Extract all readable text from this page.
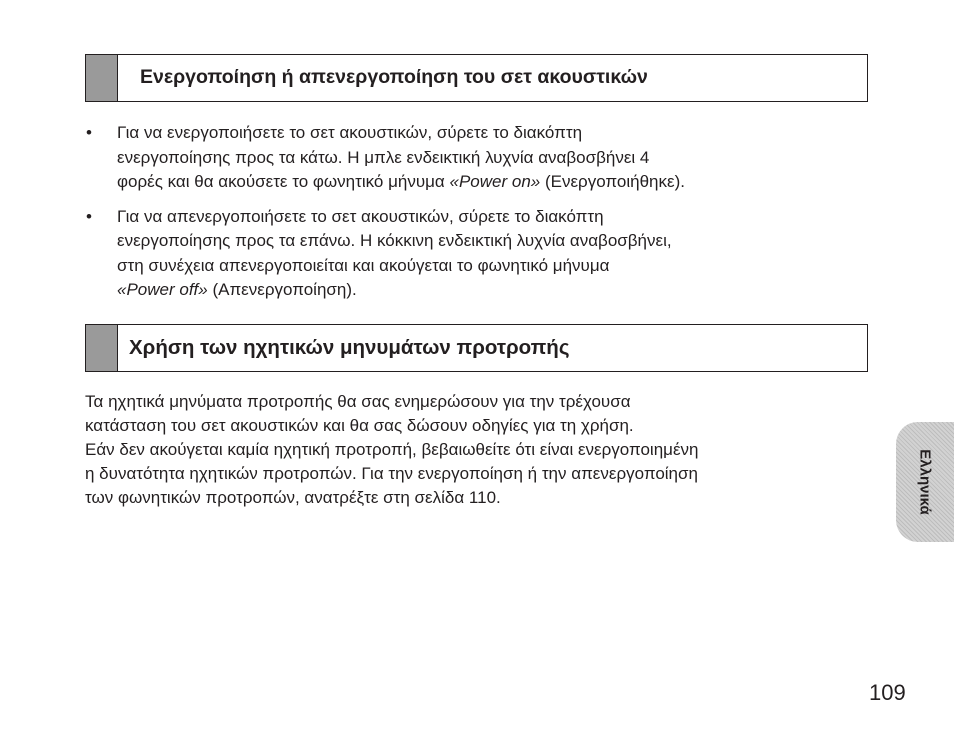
Ενεργοποίηση ή απενεργοποίηση του σετ ακουστικών
• Για να ενεργοποιήσετε το σετ ακουστικών, σύρετε το διακόπτη
ενεργοποίησης προς τα κάτω. Η μπλε ενδεικτική λυχνία αναβοσβήνει 4
φορές και θα ακούσετε το φωνητικό μήνυμα «Power on» (Ενεργοποιήθηκε).
• Για να απενεργοποιήσετε το σετ ακουστικών, σύρετε το διακόπτη
ενεργοποίησης προς τα επάνω. Η κόκκινη ενδεικτική λυχνία αναβοσβήνει,
στη συνέχεια απενεργοποιείται και ακούγεται το φωνητικό μήνυμα
«Power off» (Απενεργοποίηση).
Χρήση των ηχητικών μηνυμάτων προτροπής

Τα ηχητικά μηνύματα προτροπής θα σας ενημερώσουν για την τρέχουσα
κατάσταση του σετ ακουστικών και θα σας δώσουν οδηγίες για τη χρήση.
Εάν δεν ακούγεται καμία ηχητική προτροπή, βεβαιωθείτε ότι είναι ενεργοποιημένη
η δυνατότητα ηχητικών προτροπών. Για την ενεργοποίηση ή την απενεργοποίηση
των φωνητικών προτροπών, ανατρέξτε στη σελίδα 110.	Ελληνικά
109
